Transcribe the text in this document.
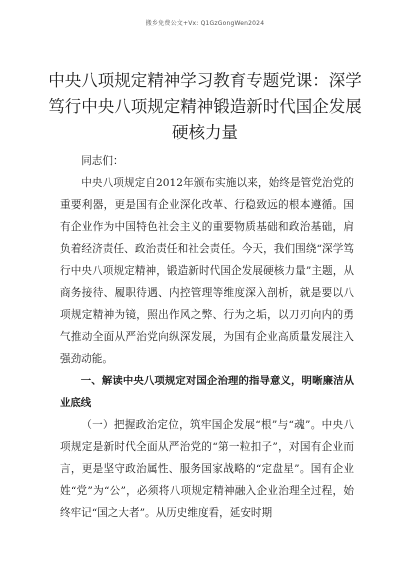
搬乡免费公文+Vx: Q1GzGongWen2024
中央八项规定精神学习教育专题党课：深学笃行中央八项规定精神锻造新时代国企发展硬核力量

同志们：

中央八项规定自2012年颁布实施以来，始终是管党治党的重要利器，更是国有企业深化改革、行稳致远的根本遵循。国有企业作为中国特色社会主义的重要物质基础和政治基础，肩负着经济责任、政治责任和社会责任。今天，我们围绕“深学笃行中央八项规定精神，锻造新时代国企发展硬核力量”主题，从商务接待、履职待遇、内控管理等维度深入剖析，就是要以八项规定精神为镜，照出作风之弊、行为之垢，以刀刃向内的勇气推动全面从严治党向纵深发展，为国有企业高质量发展注入强劲动能。

一、解读中央八项规定对国企治理的指导意义，明晰廉洁从业底线

（一）把握政治定位，筑牢国企发展“根”与“魂”。中央八项规定是新时代全面从严治党的“第一粒扣子”，对国有企业而言，更是坚守政治属性、服务国家战略的“定盘星”。国有企业姓“党”为“公”，必须将八项规定精神融入企业治理全过程，始终牢记“国之大者”。从历史维度看，延安时期
